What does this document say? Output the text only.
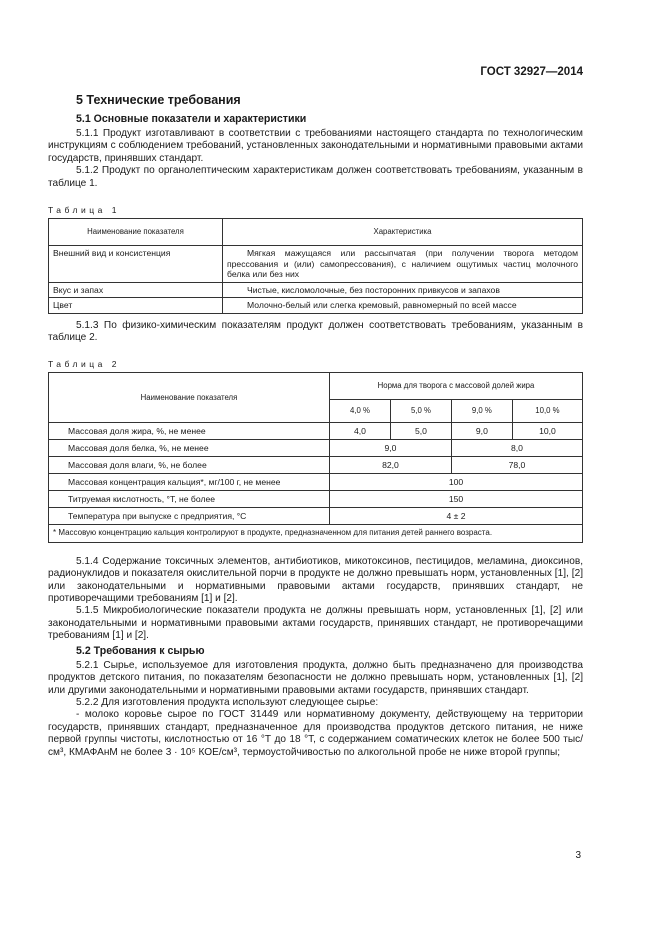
ГОСТ 32927—2014
5 Технические требования
5.1 Основные показатели и характеристики

5.1.1 Продукт изготавливают в соответствии с требованиями настоящего стандарта по технологическим инструкциям с соблюдением требований, установленных законодательными и нормативными правовыми актами государств, принявших стандарт.

5.1.2 Продукт по органолептическим характеристикам должен соответствовать требованиям, указанным в таблице 1.

Таблица 1
Наименование показателя	Характеристика
Внешний вид и консистенция	Мягкая мажущаяся или рассыпчатая (при получении творога методом прессования и (или) самопрессования), с наличием ощутимых частиц молочного белка или без них
Вкус и запах	Чистые, кисломолочные, без посторонних привкусов и запахов
Цвет	Молочно-белый или слегка кремовый, равномерный по всей массе

5.1.3 По физико-химическим показателям продукт должен соответствовать требованиям, указанным в таблице 2.

Таблица 2
Наименование показателя	Норма для творога с массовой долей жира			
	4,0 %	5,0 %	9,0 %	10,0 %
Массовая доля жира, %, не менее	4,0	5,0	9,0	10,0
Массовая доля белка, %, не менее	9,0		8,0	
Массовая доля влаги, %, не более	82,0		78,0	
Массовая концентрация кальция*, мг/100 г, не менее	100			
Титруемая кислотность, °Т, не более	150			
Температура при выпуске с предприятия, °С	4 ± 2			
* Массовую концентрацию кальция контролируют в продукте, предназначенном для питания детей раннего возраста.				

5.1.4 Содержание токсичных элементов, антибиотиков, микотоксинов, пестицидов, меламина, диоксинов, радионуклидов и показателя окислительной порчи в продукте не должно превышать норм, установленных [1], [2] или законодательными и нормативными правовыми актами государств, принявших стандарт, не противоречащими требованиям [1] и [2].

5.1.5 Микробиологические показатели продукта не должны превышать норм, установленных [1], [2] или законодательными и нормативными правовыми актами государств, принявших стандарт, не противоречащими требованиям [1] и [2].

5.2 Требования к сырью

5.2.1 Сырье, используемое для изготовления продукта, должно быть предназначено для производства продуктов детского питания, по показателям безопасности не должно превышать норм, установленных [1], [2] или другими законодательными и нормативными правовыми актами государств, принявших стандарт.

5.2.2 Для изготовления продукта используют следующее сырье:

- молоко коровье сырое по ГОСТ 31449 или нормативному документу, действующему на территории государств, принявших стандарт, предназначенное для производства продуктов детского питания, не ниже первой группы чистоты, кислотностью от 16 °Т до 18 °Т, с содержанием соматических клеток не более 500 тыс/см³, КМАФАнМ не более 3 · 10⁵ КОЕ/см³, термоустойчивостью по алкогольной пробе не ниже второй группы;

3
